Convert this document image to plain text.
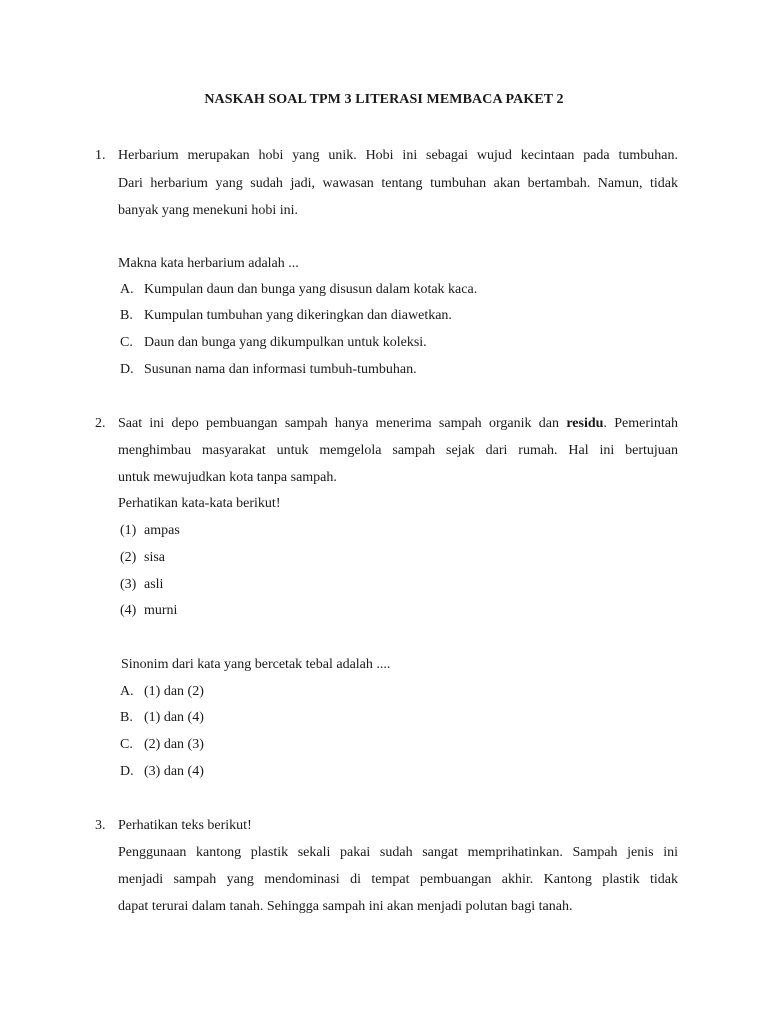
NASKAH SOAL TPM 3 LITERASI MEMBACA PAKET 2
1. Herbarium merupakan hobi yang unik. Hobi ini sebagai wujud kecintaan pada tumbuhan.
Dari herbarium yang sudah jadi, wawasan tentang tumbuhan akan bertambah. Namun, tidak
banyak yang menekuni hobi ini.
Makna kata herbarium adalah ...
A. Kumpulan daun dan bunga yang disusun dalam kotak kaca.
B. Kumpulan tumbuhan yang dikeringkan dan diawetkan.
C. Daun dan bunga yang dikumpulkan untuk koleksi.
D. Susunan nama dan informasi tumbuh-tumbuhan.
2. Saat ini depo pembuangan sampah hanya menerima sampah organik dan residu. Pemerintah
menghimbau masyarakat untuk memgelola sampah sejak dari rumah. Hal ini bertujuan
untuk mewujudkan kota tanpa sampah.
Perhatikan kata-kata berikut!
(1) ampas
(2) sisa
(3) asli
(4) murni
Sinonim dari kata yang bercetak tebal adalah ....
A. (1) dan (2)
B. (1) dan (4)
C. (2) dan (3)
D. (3) dan (4)
3. Perhatikan teks berikut!
Penggunaan kantong plastik sekali pakai sudah sangat memprihatinkan. Sampah jenis ini
menjadi sampah yang mendominasi di tempat pembuangan akhir. Kantong plastik tidak
dapat terurai dalam tanah. Sehingga sampah ini akan menjadi polutan bagi tanah.
